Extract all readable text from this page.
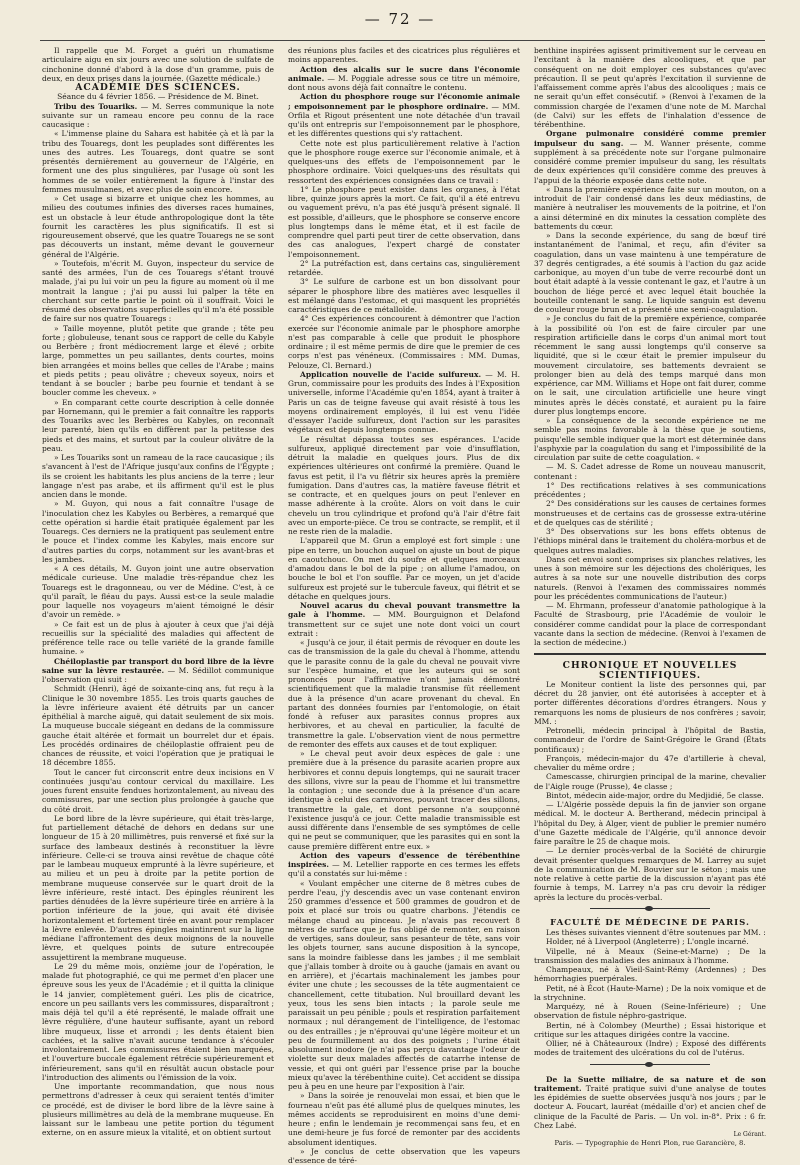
— 72 —

Il rappelle que M. Forget a guéri un rhumatisme articulaire aigu en six jours avec une solution de sulfate de cinchonine donné d'abord à la dose d'un gramme, puis de deux, en deux prises dans la journée. (Gazette médicale.)

ACADÉMIE DES SCIENCES.

Séance du 4 février 1856. — Présidence de M. Binet.

Tribu des Touariks. — M. Serres communique la note suivante sur un rameau encore peu connu de la race caucasique :

« L'immense plaine du Sahara est habitée çà et là par la tribu des Touaregs, dont les peuplades sont différentes les unes des autres. Les Touaregs, dont quatre se sont présentés dernièrement au gouverneur de l'Algérie, en forment une des plus singulières, par l'usage où sont les hommes de se voiler entièrement la figure à l'instar des femmes musulmanes, et avec plus de soin encore.

» Cet usage si bizarre et unique chez les hommes, au milieu des coutumes infinies des diverses races humaines, est un obstacle à leur étude anthropologique dont la tête fournit les caractères les plus significatifs. Il est si rigoureusement observé, que les quatre Touaregs ne se sont pas découverts un instant, même devant le gouverneur général de l'Algérie.

» Toutefois, m'écrit M. Guyon, inspecteur du service de santé des armées, l'un de ces Touaregs s'étant trouvé malade, j'ai pu lui voir un peu la figure au moment où il me montrait la langue ; j'ai pu aussi lui palper la tête en cherchant sur cette partie le point où il souffrait. Voici le résumé des observations superficielles qu'il m'a été possible de faire sur nos quatre Touaregs :

» Taille moyenne, plutôt petite que grande ; tête peu forte ; globuleuse, tenant sous ce rapport de celle du Kabyle ou Berbère ; front médiocrement large et élevé ; orbite large, pommettes un peu saillantes, dents courtes, moins bien arrangées et moins belles que celles de l'Arabe ; mains et pieds petits ; peau olivâtre ; cheveux soyeux, noirs et tendant à se boucler ; barbe peu fournie et tendant à se boucler comme les cheveux. »

» En comparant cette courte description à celle donnée par Hornemann, qui le premier a fait connaître les rapports des Touariks avec les Berbères ou Kabyles, on reconnaît leur parenté, bien qu'ils en diffèrent par la petitesse des pieds et des mains, et surtout par la couleur olivâtre de la peau.

» Les Touariks sont un rameau de la race caucasique ; ils s'avancent à l'est de l'Afrique jusqu'aux confins de l'Égypte ; ils se croient les habitants les plus anciens de la terre ; leur langage n'est pas arabe, et ils affirment qu'il est le plus ancien dans le monde.

» M. Guyon, qui nous a fait connaître l'usage de l'inoculation chez les Kabyles ou Berbères, a remarqué que cette opération si hardie était pratiquée également par les Touaregs. Ces derniers ne la pratiquent pas seulement entre le pouce et l'index comme les Kabyles, mais encore sur d'autres parties du corps, notamment sur les avant-bras et les jambes.

« A ces détails, M. Guyon joint une autre observation médicale curieuse. Une maladie très-répandue chez les Touaregs est le dragonneau, ou ver de Médine. C'est, à ce qu'il paraît, le fléau du pays. Aussi est-ce la seule maladie pour laquelle nos voyageurs m'aient témoigné le désir d'avoir un remède. »

» Ce fait est un de plus à ajouter à ceux que j'ai déjà recueillis sur la spécialité des maladies qui affectent de préférence telle race ou telle variété de la grande famille humaine. »

Chéiloplastie par transport du bord libre de la lèvre saine sur la lèvre restaurée. — M. Sédillot communique l'observation qui suit :

Schmidt (Henri), âgé de soixante-cinq ans, fut reçu à la Clinique le 30 novembre 1855. Les trois quarts gauches de la lèvre inférieure avaient été détruits par un cancer épithélial à marche aiguë, qui datait seulement de six mois. La muqueuse buccale siégeant en dedans de la commissure gauche était altérée et formait un bourrelet dur et épais. Les procédés ordinaires de chéiloplastie offraient peu de chances de réussite, et voici l'opération que je pratiquai le 18 décembre 1855.

Tout le cancer fut circonscrit entre deux incisions en V continuées jusqu'au contour cervical du maxillaire. Les joues furent ensuite fendues horizontalement, au niveau des commissures, par une section plus prolongée à gauche que du côté droit.

Le bord libre de la lèvre supérieure, qui était très-large, fut partiellement détaché de dehors en dedans sur une longueur de 15 à 20 millimètres, puis renversé et fixé sur la surface des lambeaux destinés à reconstituer la lèvre inférieure. Celle-ci se trouva ainsi revêtue de chaque côté par le lambeau muqueux emprunté à la lèvre supérieure, et au milieu et un peu à droite par la petite portion de membrane muqueuse conservée sur le quart droit de la lèvre inférieure, resté intact. Des épingles réunirent les parties dénudées de la lèvre supérieure tirée en arrière à la portion inférieure de la joue, qui avait été divisée horizontalement et fortement tirée en avant pour remplacer la lèvre enlevée. D'autres épingles maintinrent sur la ligne médiane l'affrontement des deux moignons de la nouvelle lèvre, et quelques points de suture entrecoupée assujettirent la membrane muqueuse.

Le 29 du même mois, onzième jour de l'opération, le malade fut photographié, ce qui me permet d'en placer une épreuve sous les yeux de l'Académie ; et il quitta la clinique le 14 janvier, complètement guéri. Les plis de cicatrice, encore un peu saillants vers les commissures, disparaîtront ; mais déjà tel qu'il a été représenté, le malade offrait une lèvre régulière, d'une hauteur suffisante, ayant un rebord libre muqueux, lisse et arrondi ; les dents étaient bien cachées, et la salive n'avait aucune tendance à s'écouler involontairement. Les commissures étaient bien marquées, et l'ouverture buccale également rétrécie supérieurement et inférieurement, sans qu'il en résultât aucun obstacle pour l'introduction des aliments ou l'émission de la voix.

Une importante recommandation, que nous nous permettrons d'adresser à ceux qui seraient tentés d'imiter ce procédé, est de diviser le bord libre de la lèvre saine à plusieurs millimètres au delà de la membrane muqueuse. En laissant sur le lambeau une petite portion du tégument externe, on en assure mieux la vitalité, et on obtient surtout

des réunions plus faciles et des cicatrices plus régulières et moins apparentes.

Action des alcalis sur le sucre dans l'économie animale. — M. Poggiale adresse sous ce titre un mémoire, dont nous avons déjà fait connaître le contenu.

Action du phosphore rouge sur l'économie animale ; empoisonnement par le phosphore ordinaire. — MM. Orfila et Rigout présentent une note détachée d'un travail qu'ils ont entrepris sur l'empoisonnement par le phosphore, et les différentes questions qui s'y rattachent.

Cette note est plus particulièrement relative à l'action que le phosphore rouge exerce sur l'économie animale, et à quelques-uns des effets de l'empoisonnement par le phosphore ordinaire. Voici quelques-uns des résultats qui ressortent des expériences consignées dans ce travail :

1° Le phosphore peut exister dans les organes, à l'état libre, quinze jours après la mort. Ce fait, qu'il a été entrevu ou vaguement prévu, n'a pas été jusqu'à présent signalé. Il est possible, d'ailleurs, que le phosphore se conserve encore plus longtemps dans le même état, et il est facile de comprendre quel parti peut tirer de cette observation, dans des cas analogues, l'expert chargé de constater l'empoisonnement.

2° La putréfaction est, dans certains cas, singulièrement retardée.

3° Le sulfure de carbone est un bon dissolvant pour séparer le phosphore libre des matières avec lesquelles il est mélangé dans l'estomac, et qui masquent les propriétés caractéristiques de ce métalloïde.

4° Ces expériences concourent à démontrer que l'action exercée sur l'économie animale par le phosphore amorphe n'est pas comparable à celle que produit le phosphore ordinaire ; il est même permis de dire que le premier de ces corps n'est pas vénéneux. (Commissaires : MM. Dumas, Pelouze, Cl. Bernard.)

Application nouvelle de l'acide sulfureux. — M. H. Grun, commissaire pour les produits des Indes à l'Exposition universelle, informe l'Académie qu'en 1854, ayant à traiter à Paris un cas de teigne faveuse qui avait résisté à tous les moyens ordinairement employés, il lui est venu l'idée d'essayer l'acide sulfureux, dont l'action sur les parasites végétaux est depuis longtemps connue.

Le résultat dépassa toutes ses espérances. L'acide sulfureux, appliqué directement par voie d'insufflation, détruit la maladie en quelques jours. Plus de dix expériences ultérieures ont confirmé la première. Quand le favus est petit, il l'a vu flétrir six heures après la première fumigation. Dans d'autres cas, la matière faveuse flétrit et se contracte, et en quelques jours on peut l'enlever en masse adhérente à la croûte. Alors on voit dans le cuir chevelu un trou cylindrique et profond qu'à l'air d'être fait avec un emporte-pièce. Ce trou se contracte, se remplit, et il ne reste rien de la maladie.

L'appareil que M. Grun a employé est fort simple : une pipe en terre, un bouchon auquel on ajuste un bout de pique en caoutchouc. On met du soufre et quelques morceaux d'amadou dans le bol de la pipe ; on allume l'amadou, on bouche le bol et l'on souffle. Par ce moyen, un jet d'acide sulfureux est projeté sur le tubercule faveux, qui flétrit et se détache en quelques jours.

Nouvel acarus du cheval pouvant transmettre la gale à l'homme. — MM. Bourguignon et Delafond transmettent sur ce sujet une note dont voici un court extrait :

« Jusqu'à ce jour, il était permis de révoquer en doute les cas de transmission de la gale du cheval à l'homme, attendu que le parasite connu de la gale du cheval ne pouvait vivre sur l'espèce humaine, et que les auteurs qui se sont prononcés pour l'affirmative n'ont jamais démontré scientifiquement que la maladie transmise fût réellement due à la présence d'un acare provenant du cheval. En partant des données fournies par l'entomologie, on était fondé à refuser aux parasites connus propres aux herbivores, et au cheval en particulier, la faculté de transmettre la gale. L'observation vient de nous permettre de remonter des effets aux causes et de tout expliquer.

» Le cheval peut avoir deux espèces de gale : une première due à la présence du parasite acarien propre aux herbivores et connu depuis longtemps, qui ne saurait tracer des sillons, vivre sur la peau de l'homme et lui transmettre la contagion ; une seconde due à la présence d'un acare identique à celui des carnivores, pouvant tracer des sillons, transmettre la gale, et dont personne n'a soupçonné l'existence jusqu'à ce jour. Cette maladie transmissible est aussi différente dans l'ensemble de ses symptômes de celle qui ne peut se communiquer, que les parasites qui en sont la cause première diffèrent entre eux. »

Action des vapeurs d'essence de térébenthine inspirées. — M. Letellier rapporte en ces termes les effets qu'il a constatés sur lui-même :

« Voulant empêcher une citerne de 8 mètres cubes de perdre l'eau, j'y descendis avec un vase contenant environ 250 grammes d'essence et 500 grammes de goudron et de poix et placé sur trois ou quatre charbons. J'étendis ce mélange chaud au pinceau. Je n'avais pas recouvert 8 mètres de surface que je fus obligé de remonter, en raison de vertiges, sans douleur, sans pesanteur de tête, sans voir les objets tourner, sans aucune disposition à la syncope, sans la moindre faiblesse dans les jambes ; il me semblait que j'allais tomber à droite ou à gauche (jamais en avant ou en arrière), et j'écartais machinalement les jambes pour éviter une chute ; les secousses de la tête augmentaient ce chancellement, cette titubation. Nul brouillard devant les yeux, tous les sens bien intacts ; la parole seule me paraissait un peu pénible ; pouls et respiration parfaitement normaux ; nul dérangement de l'intelligence, de l'estomac ou des entrailles ; je n'éprouvai qu'une légère moiteur et un peu de fourmillement au dos des poignets ; l'urine était absolument inodore (je n'ai pas perçu davantage l'odeur de violette sur deux malades affectés de catarrhe intense de vessie, et qui ont guéri par l'essence prise par la bouche mieux qu'avec la térébenthine cuite). Cet accident se dissipa peu à peu en une heure par l'exposition à l'air.

» Dans la soirée je renouvelai mon essai, et bien que le fourneau n'eût pas été allumé plus de quelques minutes, les mêmes accidents se reproduisirent en moins d'une demi-heure ; enfin le lendemain je recommençai sans feu, et en une demi-heure je fus forcé de remonter par des accidents absolument identiques.

» Je conclus de cette observation que les vapeurs d'essence de téré-

benthine inspirées agissent primitivement sur le cerveau en l'excitant à la manière des alcooliques, et que par conséquent on ne doit employer ces substances qu'avec précaution. Il se peut qu'après l'excitation il survienne de l'affaissement comme après l'abus des alcooliques ; mais ce ne serait qu'un effet consécutif. » (Renvoi à l'examen de la commission chargée de l'examen d'une note de M. Marchal (de Calvi) sur les effets de l'inhalation d'essence de térébenthine.

Organe pulmonaire considéré comme premier impulseur du sang. — M. Wanner présente, comme supplément à sa précédente note sur l'organe pulmonaire considéré comme premier impulseur du sang, les résultats de deux expériences qu'il considère comme des preuves à l'appui de la théorie exposée dans cette note.

« Dans la première expérience faite sur un mouton, on a introduit de l'air condensé dans les deux médiastins, de manière à neutraliser les mouvements de la poitrine, et l'on a ainsi déterminé en dix minutes la cessation complète des battements du cœur.

» Dans la seconde expérience, du sang de bœuf tiré instantanément de l'animal, et reçu, afin d'éviter sa coagulation, dans un vase maintenu à une température de 37 degrés centigrades, a été soumis à l'action du gaz acide carbonique, au moyen d'un tube de verre recourbé dont un bout était adapté à la vessie contenant le gaz, et l'autre à un bouchon de liége percé et avec lequel était bouchée la bouteille contenant le sang. Le liquide sanguin est devenu de couleur rouge brun et a présenté une semi-coagulation.

» Je conclus du fait de la première expérience, comparée à la possibilité où l'on est de faire circuler par une respiration artificielle dans le corps d'un animal mort tout récemment le sang aussi longtemps qu'il conserve sa liquidité, que si le cœur était le premier impulseur du mouvement circulatoire, ses battements devraient se prolonger bien au delà des temps marqué dans mon expérience, car MM. Williams et Hope ont fait durer, comme on le sait, une circulation artificielle une heure vingt minutes après le décès constaté, et auraient pu la faire durer plus longtemps encore.

» La conséquence de la seconde expérience ne me semble pas moins favorable à la thèse que je soutiens, puisqu'elle semble indiquer que la mort est déterminée dans l'asphyxie par la coagulation du sang et l'impossibilité de la circulation par suite de cette coagulation. «

— M. S. Cadet adresse de Rome un nouveau manuscrit, contenant :

1° Des rectifications relatives à ses communications précédentes ;

2° Des considérations sur les causes de certaines formes monstrueuses et de certains cas de grossesse extra-utérine et de quelques cas de stérilité ;

3° Des observations sur les bons effets obtenus de l'éthiops minéral dans le traitement du choléra-morbus et de quelques autres maladies.

Dans cet envoi sont comprises six planches relatives, les unes à son mémoire sur les déjections des cholériques, les autres à sa note sur une nouvelle distribution des corps naturels. (Renvoi à l'examen des commissaires nommés pour les précédentes communications de l'auteur.)

— M. Ehrmann, professeur d'anatomie pathologique à la Faculté de Strasbourg, prie l'Académie de vouloir le considérer comme candidat pour la place de correspondant vacante dans la section de médecine. (Renvoi à l'examen de la section de médecine.)

CHRONIQUE ET NOUVELLES SCIENTIFIQUES.

Le Moniteur contient la liste des personnes qui, par décret du 28 janvier, ont été autorisées à accepter et à porter différentes décorations d'ordres étrangers. Nous y remarquons les noms de plusieurs de nos confrères ; savoir, MM. :

Petronelli, médecin principal à l'hôpital de Bastia, commandeur de l'ordre de Saint-Grégoire le Grand (États pontificaux) ;

François, médecin-major du 47e d'artillerie à cheval, chevalier du même ordre ;

Camescasse, chirurgien principal de la marine, chevalier de l'Aigle rouge (Prusse), 4e classe ;

Bintot, médecin aide-major, ordre du Medjidié, 5e classe.

— L'Algérie possède depuis la fin de janvier son organe médical. M. le docteur A. Bertherand, médecin principal à l'hôpital du Dey, à Alger, vient de publier le premier numéro d'une Gazette médicale de l'Algérie, qu'il annonce devoir faire paraître le 25 de chaque mois.

— Le dernier procès-verbal de la Société de chirurgie devait présenter quelques remarques de M. Larrey au sujet de la communication de M. Bouvier sur le séton ; mais une note relative à cette partie de la discussion n'ayant pas été fournie à temps, M. Larrey n'a pas cru devoir la rédiger après la lecture du procès-verbal.

FACULTÉ DE MÉDECINE DE PARIS.

Les thèses suivantes viennent d'être soutenues par MM. :

Holder, né à Liverpool (Angleterre) ; L'ongle incarné.

Vilpelle, né à Meaux (Seine-et-Marne) ; De la transmission des maladies des animaux à l'homme.

Champeaux, né à Vieil-Saint-Rémy (Ardennes) ; Des hémorrhagies puerpérales.

Petit, né à Écot (Haute-Marne) ; De la noix vomique et de la strychnine.

Marquézy, né à Rouen (Seine-Inférieure) ; Une observation de fistule néphro-gastrique.

Bertin, né à Colombey (Meurthe) ; Essai historique et critique sur les attaques dirigées contre la vaccine.

Ollier, né à Châteauroux (Indre) ; Exposé des différents modes de traitement des ulcérations du col de l'utérus.

De la Suette miliaire, de sa nature et de son traitement. Traité pratique suivi d'une analyse de toutes les épidémies de suette observées jusqu'à nos jours ; par le docteur A. Foucart, lauréat (médaille d'or) et ancien chef de clinique de la Faculté de Paris. — Un vol. in-8°. Prix : 6 fr. Chez Labé.

Le Gérant.

Paris. — Typographie de Henri Plon, rue Garancière, 8.
